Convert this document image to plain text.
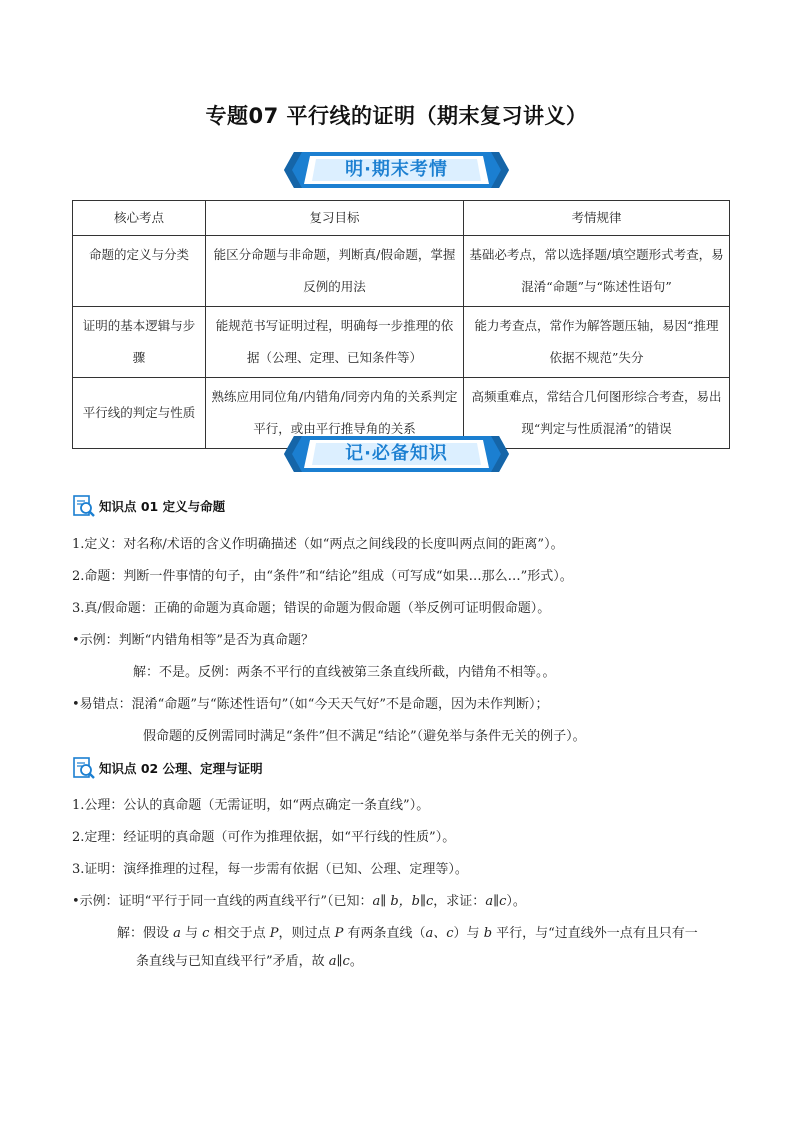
专题07 平行线的证明（期末复习讲义）
明·期末考情
核心考点	复习目标	考情规律
命题的定义与分类	能区分命题与非命题，判断真/假命题，掌握反例的用法	基础必考点，常以选择题/填空题形式考查，易混淆“命题”与“陈述性语句”
证明的基本逻辑与步骤	能规范书写证明过程，明确每一步推理的依据（公理、定理、已知条件等）	能力考查点，常作为解答题压轴，易因“推理依据不规范”失分
平行线的判定与性质	熟练应用同位角/内错角/同旁内角的关系判定平行，或由平行推导角的关系	高频重难点，常结合几何图形综合考查，易出现“判定与性质混淆”的错误
记·必备知识
知识点 01 定义与命题
1.定义：对名称/术语的含义作明确描述（如“两点之间线段的长度叫两点间的距离”）。
2.命题：判断一件事情的句子，由“条件”和“结论”组成（可写成“如果…那么…”形式）。
3.真/假命题：正确的命题为真命题；错误的命题为假命题（举反例可证明假命题）。
•示例：判断“内错角相等”是否为真命题？
解：不是。反例：两条不平行的直线被第三条直线所截，内错角不相等。。
•易错点：混淆“命题”与“陈述性语句”（如“今天天气好”不是命题，因为未作判断）；
假命题的反例需同时满足“条件”但不满足“结论”（避免举与条件无关的例子）。
知识点 02 公理、定理与证明
1.公理：公认的真命题（无需证明，如“两点确定一条直线”）。
2.定理：经证明的真命题（可作为推理依据，如“平行线的性质”）。
3.证明：演绎推理的过程，每一步需有依据（已知、公理、定理等）。
•示例：证明“平行于同一直线的两直线平行”（已知：a∥ b，b∥c，求证：a∥c）。
解：假设 a 与 c 相交于点 P，则过点 P 有两条直线（a、c）与 b 平行，与“过直线外一点有且只有一
条直线与已知直线平行”矛盾，故 a∥c。
